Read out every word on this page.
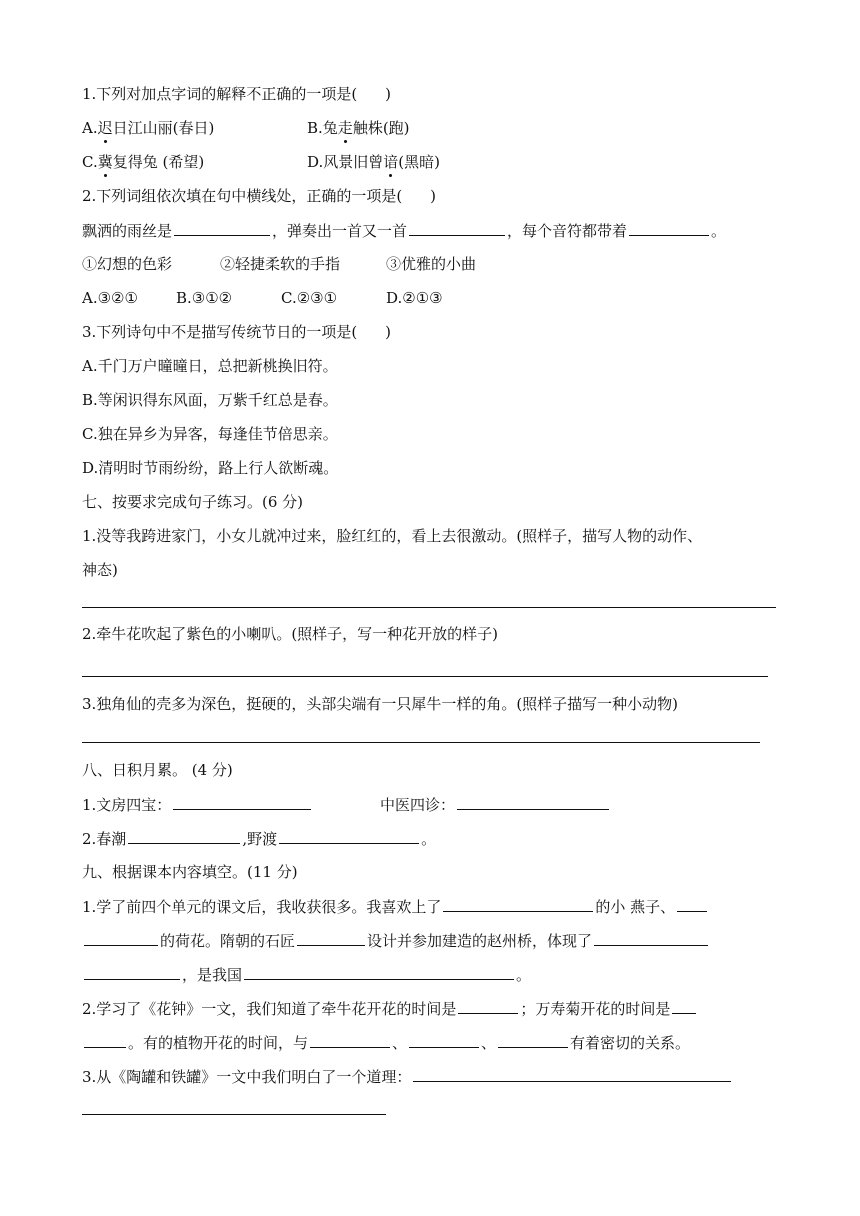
1.下列对加点字词的解释不正确的一项是( )
A.迟日江山丽(春日)	B.兔走触株(跑)
C.冀复得兔 (希望)	D.风景旧曾谙(黑暗)
2.下列词组依次填在句中横线处，正确的一项是( )
飘洒的雨丝是	，弹奏出一首又一首	，每个音符都带着	。
①幻想的色彩	②轻捷柔软的手指	③优雅的小曲
A.③②①	B.③①②	C.②③①	D.②①③
3.下列诗句中不是描写传统节日的一项是( )
A.千门万户曈曈日，总把新桃换旧符。
B.等闲识得东风面，万紫千红总是春。
C.独在异乡为异客，每逢佳节倍思亲。
D.清明时节雨纷纷，路上行人欲断魂。
七、按要求完成句子练习。(6 分)
1.没等我跨进家门，小女儿就冲过来，脸红红的，看上去很激动。(照样子，描写人物的动作、
神态)
2.牵牛花吹起了紫色的小喇叭。(照样子，写一种花开放的样子)
3.独角仙的壳多为深色，挺硬的，头部尖端有一只犀牛一样的角。(照样子描写一种小动物)
八、日积月累。 (4 分)
1.文房四宝：	中医四诊：
2.春潮	,野渡	。
九、根据课本内容填空。(11 分)
1.学了前四个单元的课文后，我收获很多。我喜欢上了	的小 燕子、
的荷花。隋朝的石匠	设计并参加建造的赵州桥，体现了
，是我国	。
2.学习了《花钟》一文，我们知道了牵牛花开花的时间是	；万寿菊开花的时间是
。有的植物开花的时间，与	、	、	有着密切的关系。
3.从《陶罐和铁罐》一文中我们明白了一个道理：
